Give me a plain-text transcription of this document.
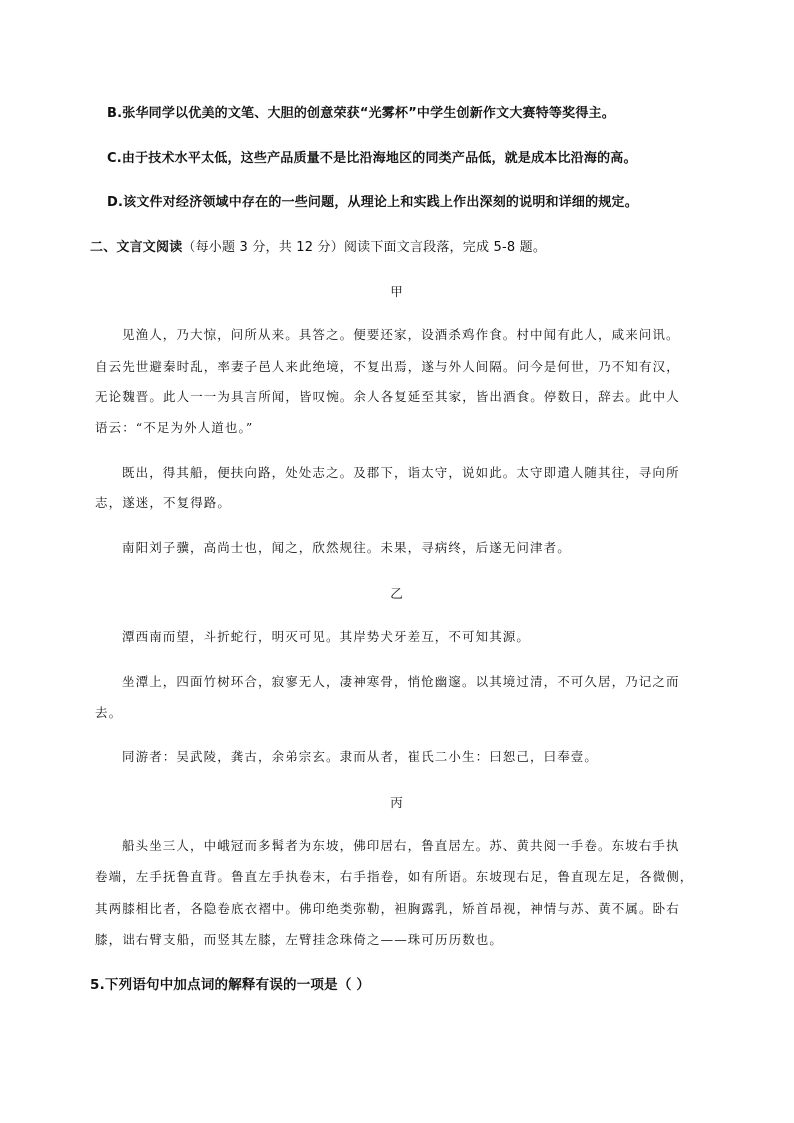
B.张华同学以优美的文笔、大胆的创意荣获“光雾杯”中学生创新作文大赛特等奖得主。
C.由于技术水平太低，这些产品质量不是比沿海地区的同类产品低，就是成本比沿海的高。
D.该文件对经济领域中存在的一些问题，从理论上和实践上作出深刻的说明和详细的规定。
二、文言文阅读（每小题 3 分，共 12 分）阅读下面文言段落，完成 5-8 题。
甲
见渔人，乃大惊，问所从来。具答之。便要还家，设酒杀鸡作食。村中闻有此人，咸来问讯。
自云先世避秦时乱，率妻子邑人来此绝境，不复出焉，遂与外人间隔。问今是何世，乃不知有汉，
无论魏晋。此人一一为具言所闻，皆叹惋。余人各复延至其家，皆出酒食。停数日，辞去。此中人
语云：“不足为外人道也。”
既出，得其船，便扶向路，处处志之。及郡下，诣太守，说如此。太守即遣人随其往，寻向所
志，遂迷，不复得路。
南阳刘子骥，高尚士也，闻之，欣然规往。未果，寻病终，后遂无问津者。
乙
潭西南而望，斗折蛇行，明灭可见。其岸势犬牙差互，不可知其源。
坐潭上，四面竹树环合，寂寥无人，凄神寒骨，悄怆幽邃。以其境过清，不可久居，乃记之而
去。
同游者：吴武陵，龚古，余弟宗玄。隶而从者，崔氏二小生：曰恕己，曰奉壹。
丙
船头坐三人，中峨冠而多髯者为东坡，佛印居右，鲁直居左。苏、黄共阅一手卷。东坡右手执
卷端，左手抚鲁直背。鲁直左手执卷末，右手指卷，如有所语。东坡现右足，鲁直现左足，各微侧，
其两膝相比者，各隐卷底衣褶中。佛印绝类弥勒，袒胸露乳，矫首昂视，神情与苏、黄不属。卧右
膝，诎右臂支船，而竖其左膝，左臂挂念珠倚之——珠可历历数也。
5.下列语句中加点词的解释有误的一项是（ ）
